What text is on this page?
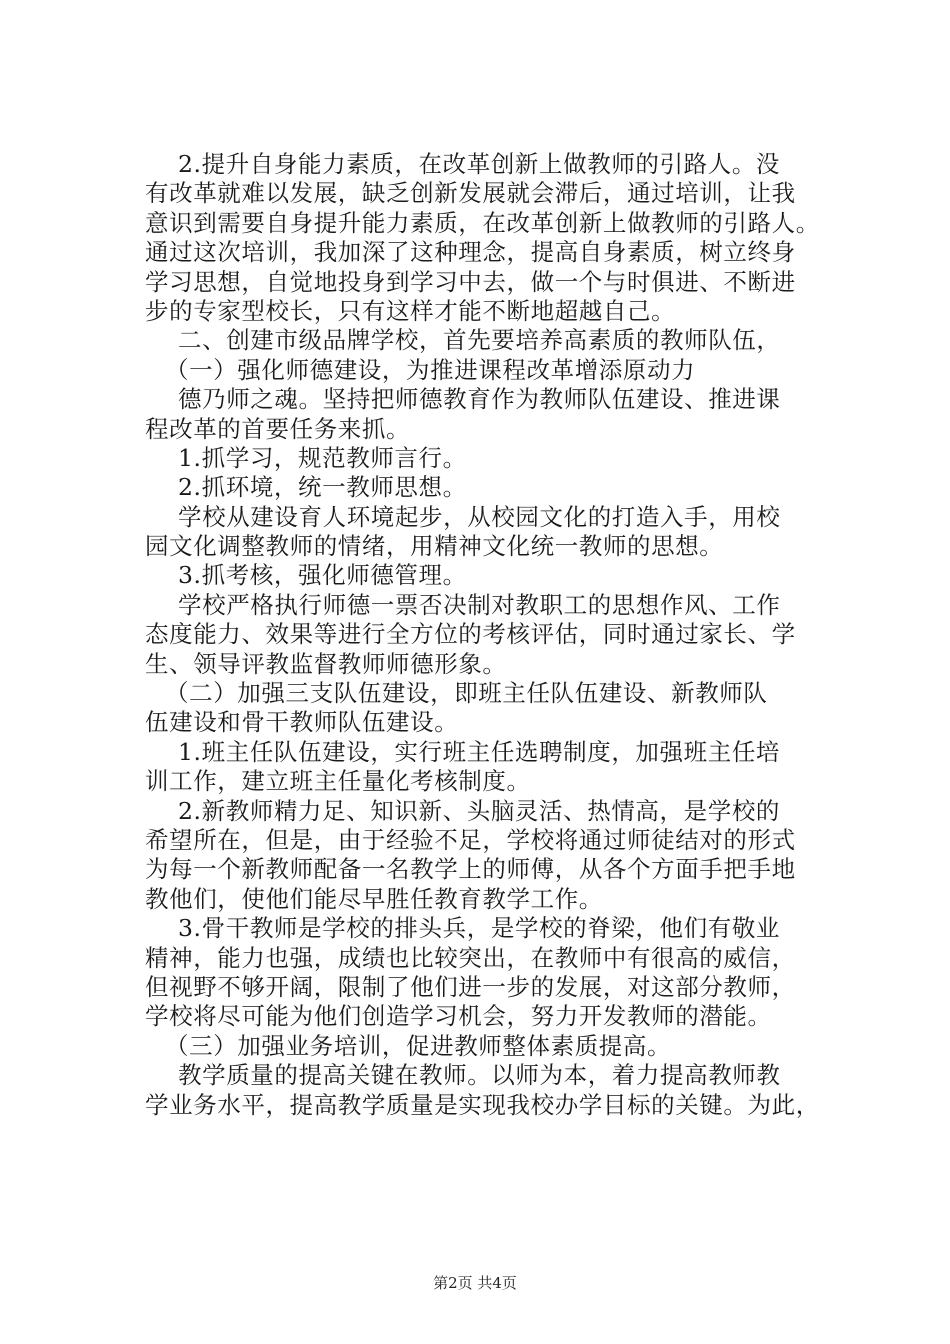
2.提升自身能力素质，在改革创新上做教师的引路人。没
有改革就难以发展，缺乏创新发展就会滞后，通过培训，让我
意识到需要自身提升能力素质，在改革创新上做教师的引路人。
通过这次培训，我加深了这种理念，提高自身素质，树立终身
学习思想，自觉地投身到学习中去，做一个与时俱进、不断进
步的专家型校长，只有这样才能不断地超越自己。
二、创建市级品牌学校，首先要培养高素质的教师队伍，
（一）强化师德建设，为推进课程改革增添原动力
德乃师之魂。坚持把师德教育作为教师队伍建设、推进课
程改革的首要任务来抓。
1.抓学习，规范教师言行。
2.抓环境，统一教师思想。
学校从建设育人环境起步，从校园文化的打造入手，用校
园文化调整教师的情绪，用精神文化统一教师的思想。
3.抓考核，强化师德管理。
学校严格执行师德一票否决制对教职工的思想作风、工作
态度能力、效果等进行全方位的考核评估，同时通过家长、学
生、领导评教监督教师师德形象。
（二）加强三支队伍建设，即班主任队伍建设、新教师队
伍建设和骨干教师队伍建设。
1.班主任队伍建设，实行班主任选聘制度，加强班主任培
训工作，建立班主任量化考核制度。
2.新教师精力足、知识新、头脑灵活、热情高，是学校的
希望所在，但是，由于经验不足，学校将通过师徒结对的形式
为每一个新教师配备一名教学上的师傅，从各个方面手把手地
教他们，使他们能尽早胜任教育教学工作。
3.骨干教师是学校的排头兵，是学校的脊梁，他们有敬业
精神，能力也强，成绩也比较突出，在教师中有很高的威信，
但视野不够开阔，限制了他们进一步的发展，对这部分教师，
学校将尽可能为他们创造学习机会，努力开发教师的潜能。
（三）加强业务培训，促进教师整体素质提高。
教学质量的提高关键在教师。以师为本，着力提高教师教
学业务水平，提高教学质量是实现我校办学目标的关键。为此，
第2页 共4页
